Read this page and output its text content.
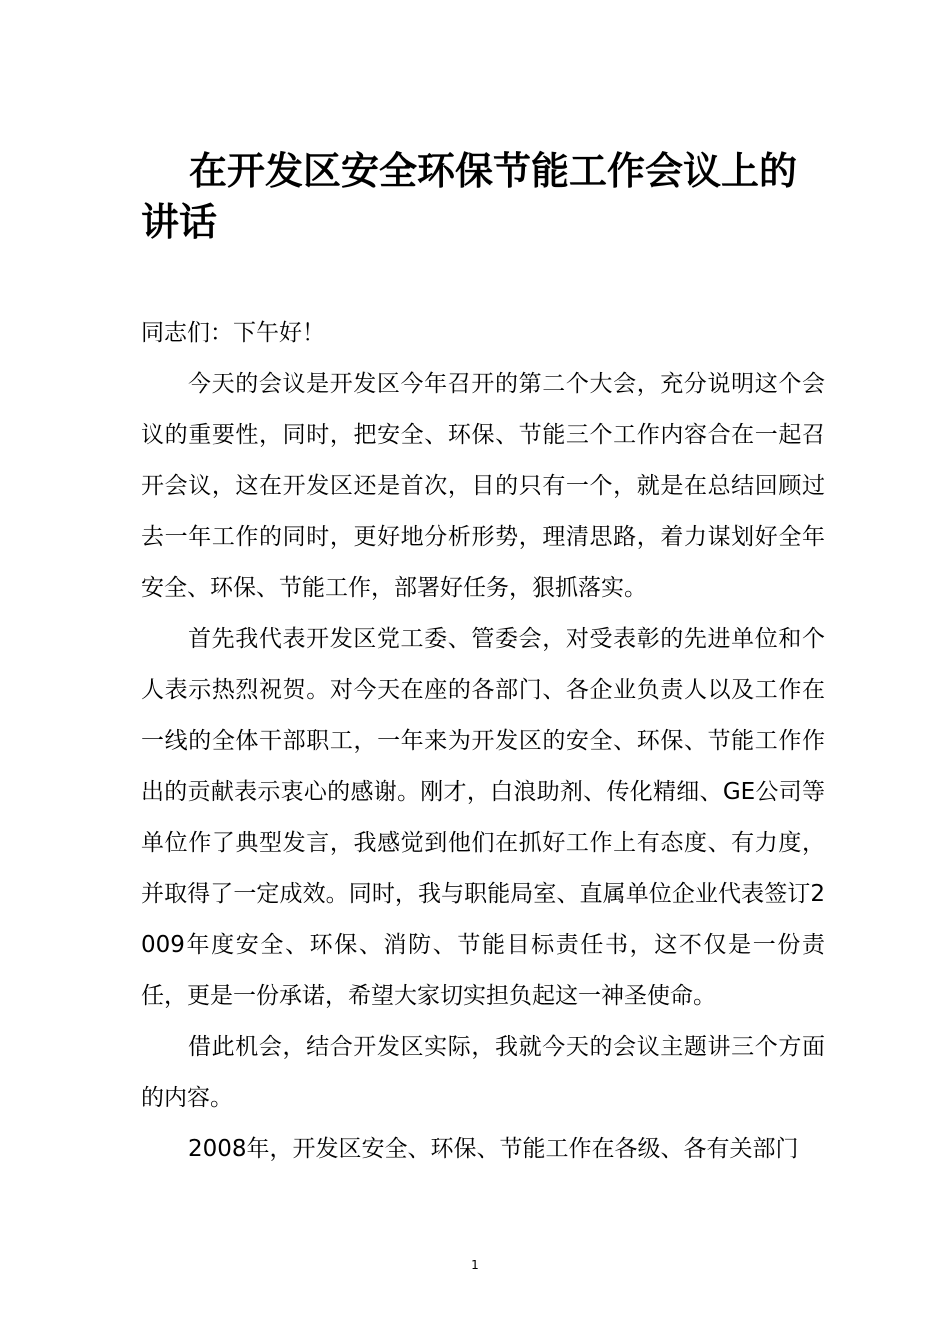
在开发区安全环保节能工作会议上的讲话

同志们：下午好！

今天的会议是开发区今年召开的第二个大会，充分说明这个会议的重要性，同时，把安全、环保、节能三个工作内容合在一起召开会议，这在开发区还是首次，目的只有一个，就是在总结回顾过去一年工作的同时，更好地分析形势，理清思路，着力谋划好全年安全、环保、节能工作，部署好任务，狠抓落实。

首先我代表开发区党工委、管委会，对受表彰的先进单位和个人表示热烈祝贺。对今天在座的各部门、各企业负责人以及工作在一线的全体干部职工，一年来为开发区的安全、环保、节能工作作出的贡献表示衷心的感谢。刚才，白浪助剂、传化精细、GE公司等单位作了典型发言，我感觉到他们在抓好工作上有态度、有力度，并取得了一定成效。同时，我与职能局室、直属单位企业代表签订2009年度安全、环保、消防、节能目标责任书，这不仅是一份责任，更是一份承诺，希望大家切实担负起这一神圣使命。

借此机会，结合开发区实际，我就今天的会议主题讲三个方面的内容。

2008年，开发区安全、环保、节能工作在各级、各有关部门

1
